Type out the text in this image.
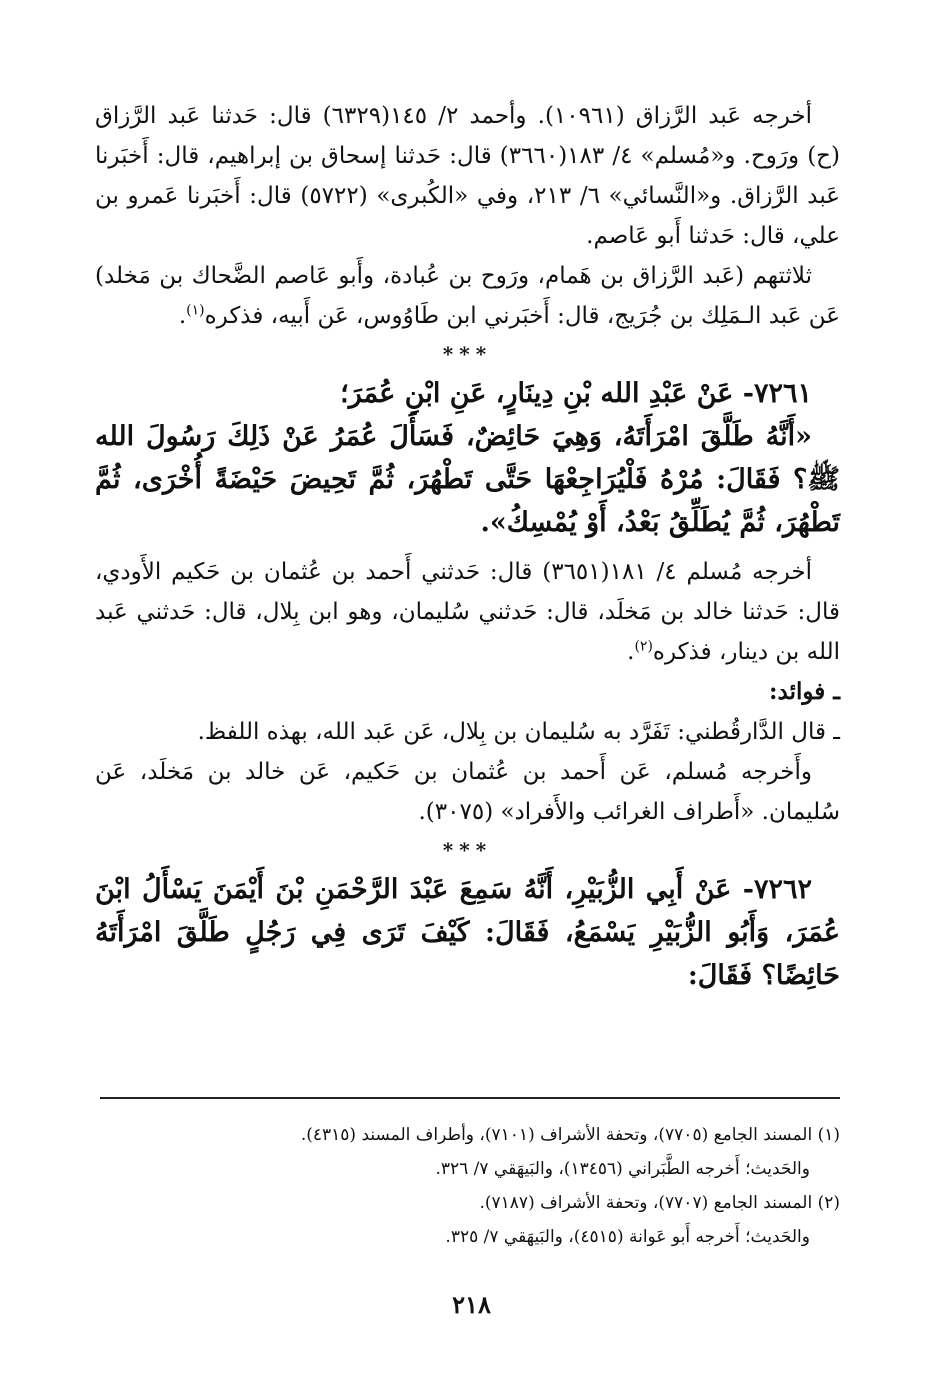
أخرجه عَبد الرَّزاق (١٠٩٦١). وأحمد ٢/ ١٤٥(٦٣٢٩) قال: حَدثنا عَبد الرَّزاق (ح) ورَوح. و«مُسلم» ٤/ ١٨٣(٣٦٦٠) قال: حَدثنا إسحاق بن إبراهيم، قال: أَخبَرنا عَبد الرَّزاق. و«النَّسائي» ٦/ ٢١٣، وفي «الكُبرى» (٥٧٢٢) قال: أَخبَرنا عَمرو بن علي، قال: حَدثنا أَبو عَاصم.

ثلاثتهم (عَبد الرَّزاق بن هَمام، ورَوح بن عُبادة، وأَبو عَاصم الضَّحاك بن مَخلد) عَن عَبد الـمَلِك بن جُرَيج، قال: أَخبَرني ابن طَاوُوس، عَن أَبيه، فذكره$^{(١)}$.

***

٧٢٦١- عَنْ عَبْدِ الله بْنِ دِينَارٍ، عَنِ ابْنِ عُمَرَ؛

«أَنَّهُ طَلَّقَ امْرَأَتَهُ، وَهِيَ حَائِضٌ، فَسَأَلَ عُمَرُ عَنْ ذَلِكَ رَسُولَ الله ﷺ؟ فَقَالَ: مُرْهُ فَلْيُرَاجِعْهَا حَتَّى تَطْهُرَ، ثُمَّ تَحِيضَ حَيْضَةً أُخْرَى، ثُمَّ تَطْهُرَ، ثُمَّ يُطَلِّقُ بَعْدُ، أَوْ يُمْسِكُ».

أخرجه مُسلم ٤/ ١٨١(٣٦٥١) قال: حَدثني أَحمد بن عُثمان بن حَكيم الأَودي، قال: حَدثنا خالد بن مَخلَد، قال: حَدثني سُليمان، وهو ابن بِلال، قال: حَدثني عَبد الله بن دينار، فذكره$^{(٢)}$.

ـ فوائد:

ـ قال الدَّارقُطني: تَفَرَّد به سُليمان بن بِلال، عَن عَبد الله، بهذه اللفظ.

وأَخرجه مُسلم، عَن أَحمد بن عُثمان بن حَكيم، عَن خالد بن مَخلَد، عَن سُليمان. «أَطراف الغرائب والأَفراد» (٣٠٧٥).

***

٧٢٦٢- عَنْ أَبِي الزُّبَيْرِ، أَنَّهُ سَمِعَ عَبْدَ الرَّحْمَنِ بْنَ أَيْمَنَ يَسْأَلُ ابْنَ عُمَرَ، وَأَبُو الزُّبَيْرِ يَسْمَعُ، فَقَالَ: كَيْفَ تَرَى فِي رَجُلٍ طَلَّقَ امْرَأَتَهُ حَائِضًا؟ فَقَالَ:

(١) المسند الجامع (٧٧٠٥)، وتحفة الأشراف (٧١٠١)، وأطراف المسند (٤٣١٥).

والحَديث؛ أَخرجه الطَّبَراني (١٣٤٥٦)، والبَيهَقي ٧/ ٣٢٦.

(٢) المسند الجامع (٧٧٠٧)، وتحفة الأشراف (٧١٨٧).

والحَديث؛ أَخرجه أَبو عَوانة (٤٥١٥)، والبَيهَقي ٧/ ٣٢٥.

٢١٨
